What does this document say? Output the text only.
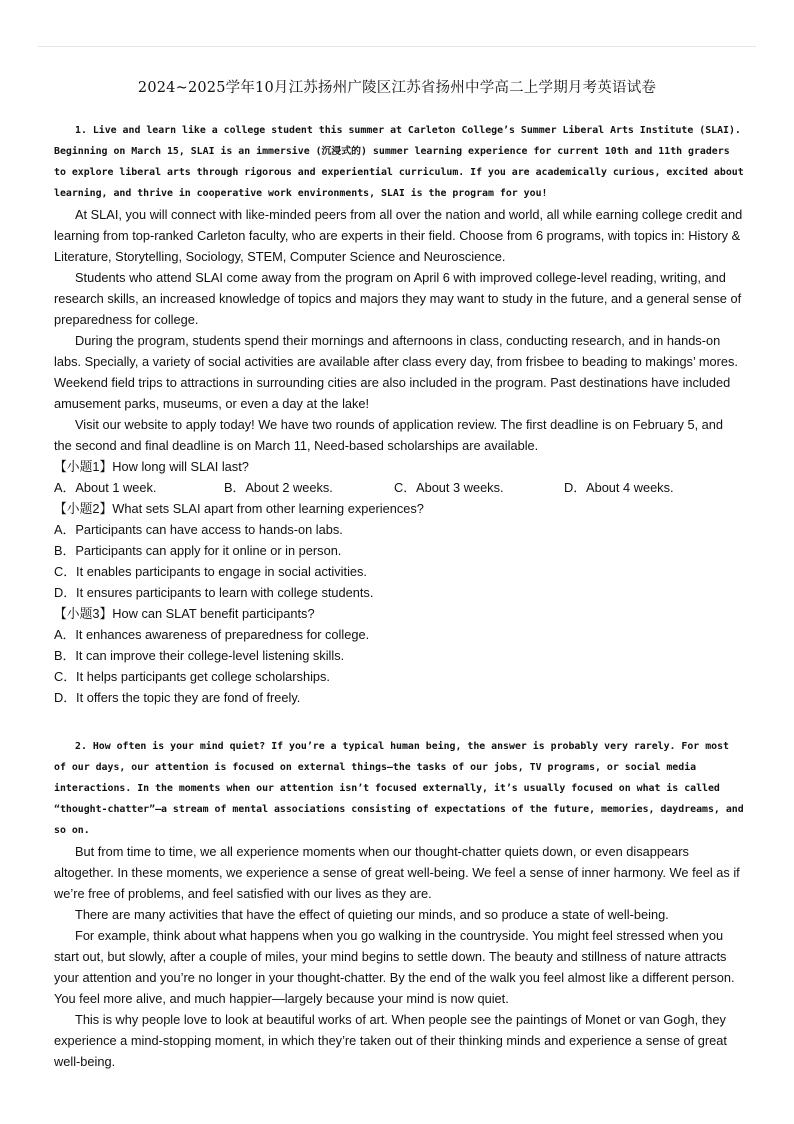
2024~2025学年10月江苏扬州广陵区江苏省扬州中学高二上学期月考英语试卷

1. Live and learn like a college student this summer at Carleton College’s Summer Liberal Arts Institute (SLAI). Beginning on March 15, SLAI is an immersive (沉浸式的) summer learning experience for current 10th and 11th graders to explore liberal arts through rigorous and experiential curriculum. If you are academically curious, excited about learning, and thrive in cooperative work environments, SLAI is the program for you!

At SLAI, you will connect with like-minded peers from all over the nation and world, all while earning college credit and learning from top-ranked Carleton faculty, who are experts in their field. Choose from 6 programs, with topics in: History & Literature, Storytelling, Sociology, STEM, Computer Science and Neuroscience.

Students who attend SLAI come away from the program on April 6 with improved college-level reading, writing, and research skills, an increased knowledge of topics and majors they may want to study in the future, and a general sense of preparedness for college.

During the program, students spend their mornings and afternoons in class, conducting research, and in hands-on labs. Specially, a variety of social activities are available after class every day, from frisbee to beading to makings’ mores. Weekend field trips to attractions in surrounding cities are also included in the program. Past destinations have included amusement parks, museums, or even a day at the lake!

Visit our website to apply today! We have two rounds of application review. The first deadline is on February 5, and the second and final deadline is on March 11, Need-based scholarships are available.

【小题1】How long will SLAI last?

A．About 1 week.	B．About 2 weeks.	C．About 3 weeks.	D．About 4 weeks.

【小题2】What sets SLAI apart from other learning experiences?

A．Participants can have access to hands-on labs.

B．Participants can apply for it online or in person.

C．It enables participants to engage in social activities.

D．It ensures participants to learn with college students.

【小题3】How can SLAT benefit participants?

A．It enhances awareness of preparedness for college.

B．It can improve their college-level listening skills.

C．It helps participants get college scholarships.

D．It offers the topic they are fond of freely.

2. How often is your mind quiet? If you’re a typical human being, the answer is probably very rarely. For most of our days, our attention is focused on external things—the tasks of our jobs, TV programs, or social media interactions. In the moments when our attention isn’t focused externally, it’s usually focused on what is called “thought-chatter”—a stream of mental associations consisting of expectations of the future, memories, daydreams, and so on.

But from time to time, we all experience moments when our thought-chatter quiets down, or even disappears altogether. In these moments, we experience a sense of great well-being. We feel a sense of inner harmony. We feel as if we’re free of problems, and feel satisfied with our lives as they are.

There are many activities that have the effect of quieting our minds, and so produce a state of well-being.

For example, think about what happens when you go walking in the countryside. You might feel stressed when you start out, but slowly, after a couple of miles, your mind begins to settle down. The beauty and stillness of nature attracts your attention and you’re no longer in your thought-chatter. By the end of the walk you feel almost like a different person. You feel more alive, and much happier—largely because your mind is now quiet.

This is why people love to look at beautiful works of art. When people see the paintings of Monet or van Gogh, they experience a mind-stopping moment, in which they’re taken out of their thinking minds and experience a sense of great well-being.
